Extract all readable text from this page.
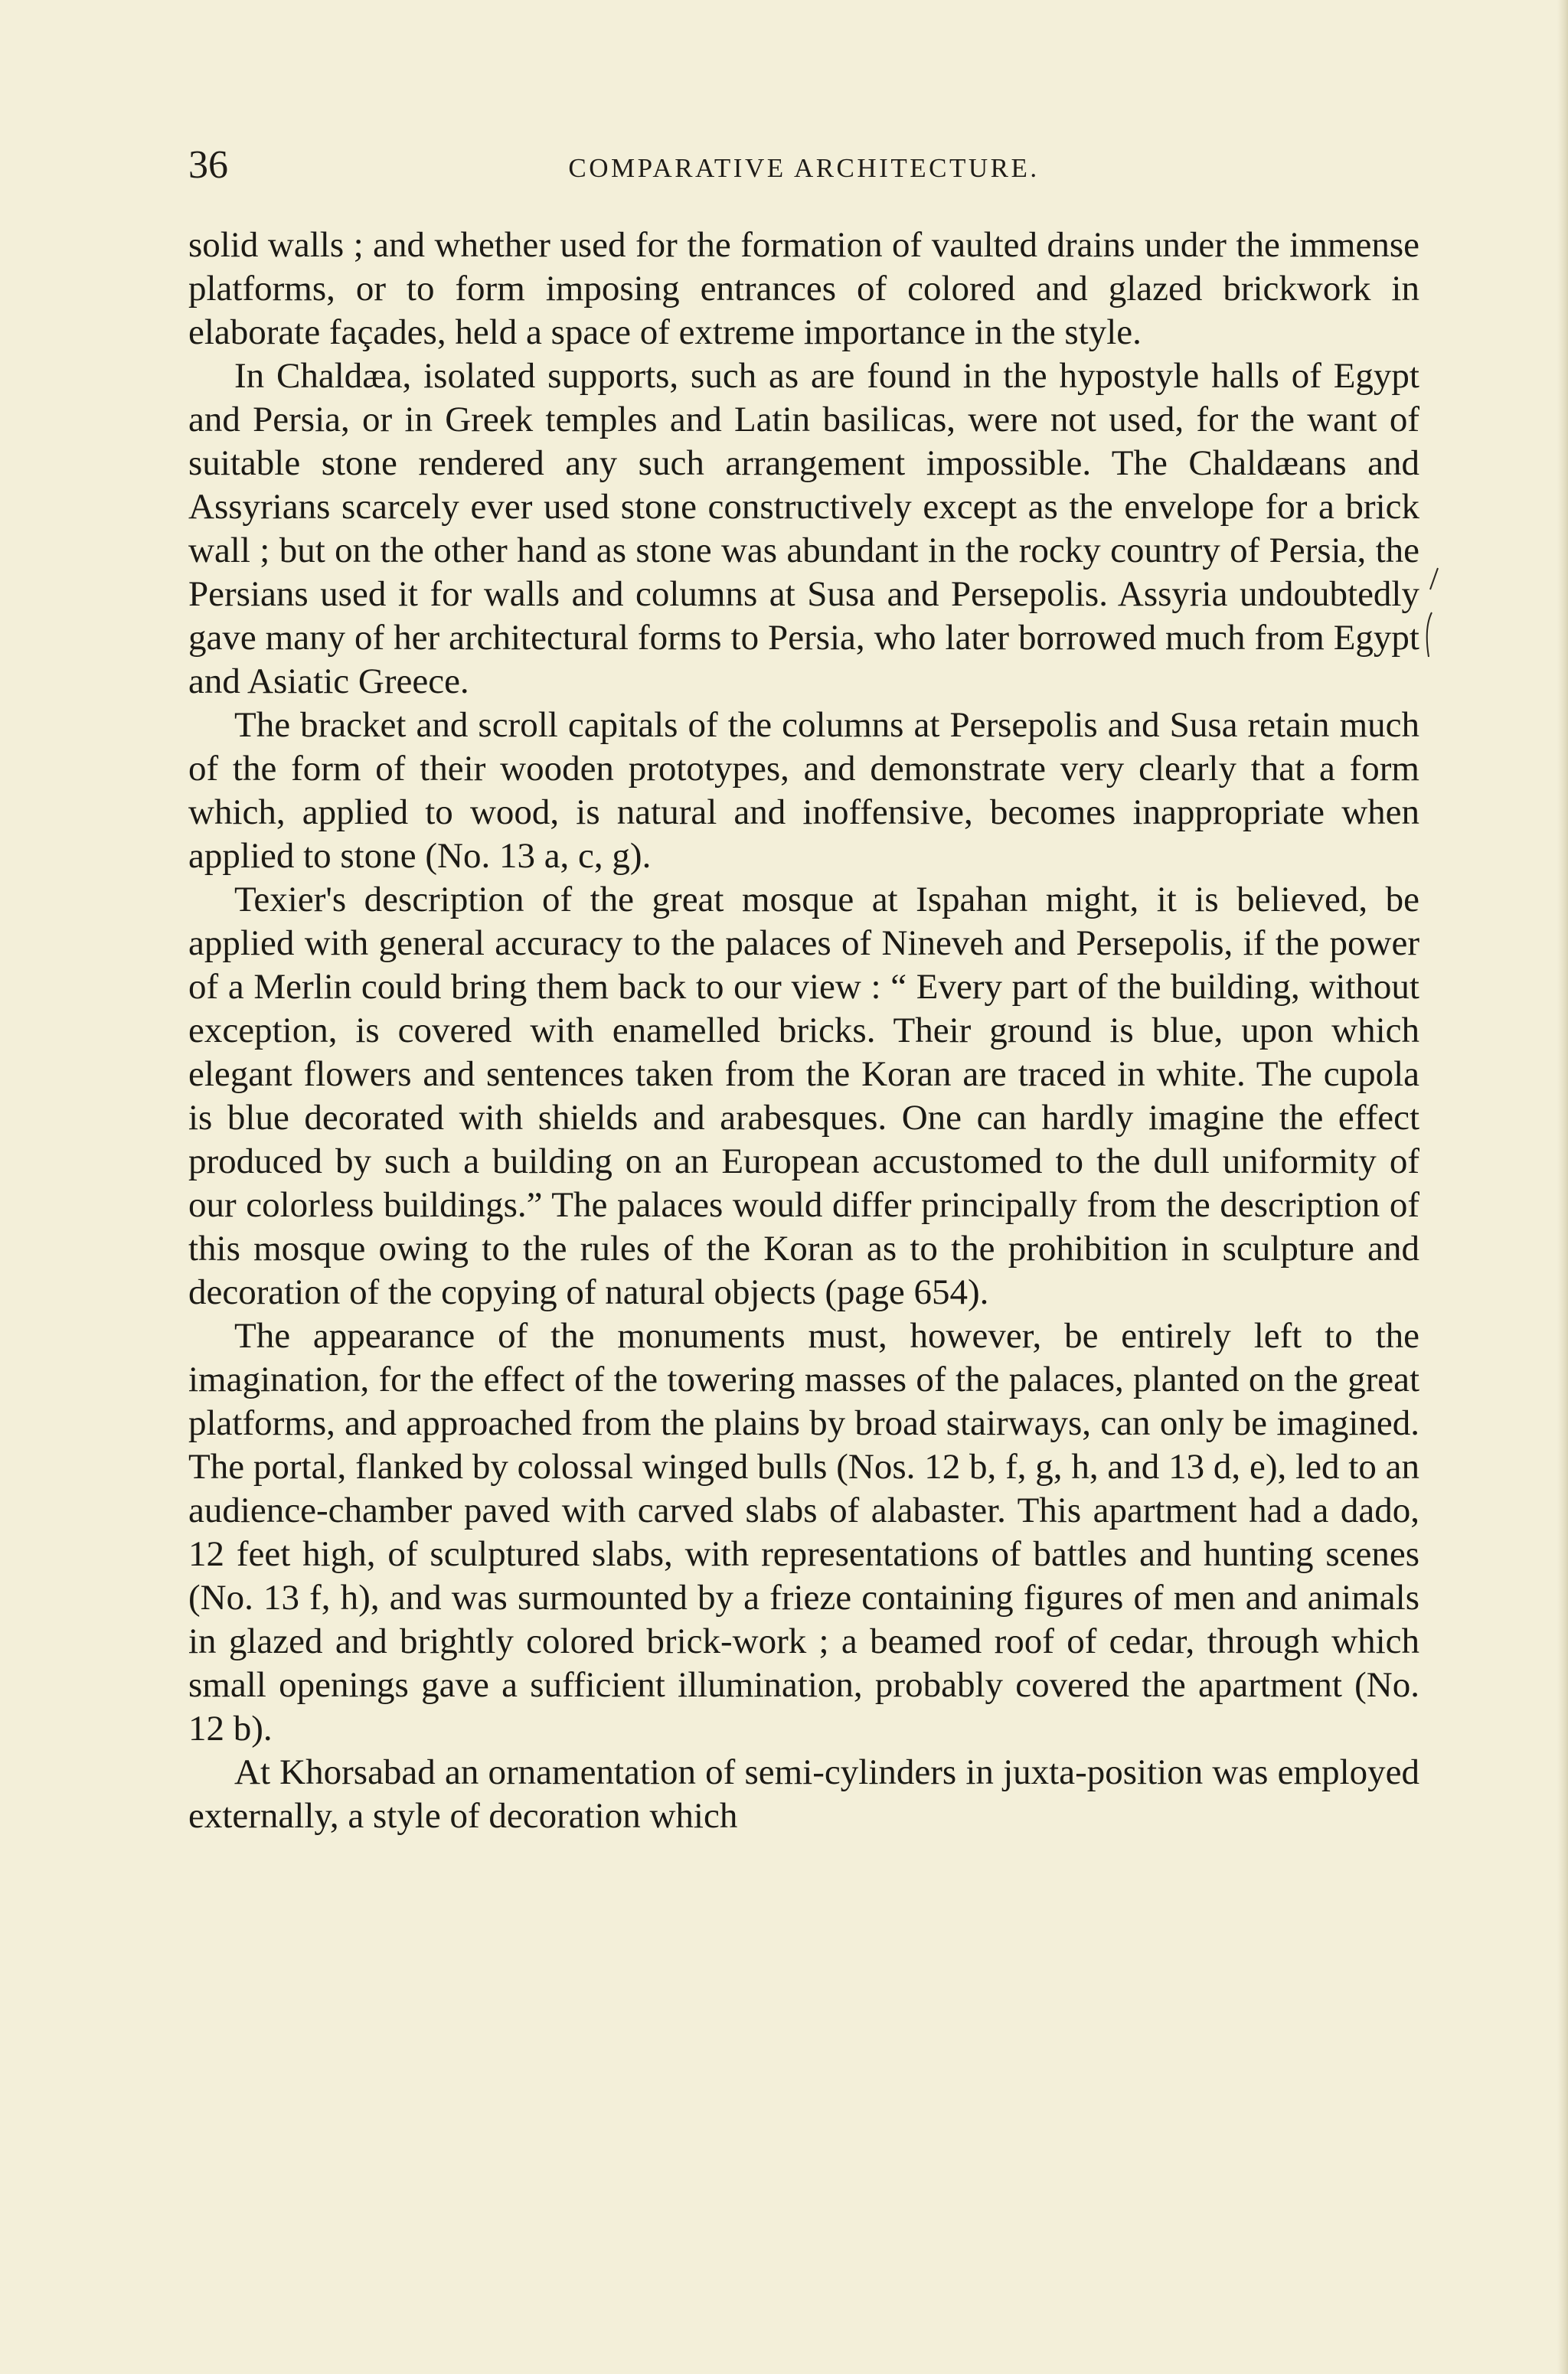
36	COMPARATIVE ARCHITECTURE.

solid walls ; and whether used for the formation of vaulted drains under the immense platforms, or to form imposing entrances of colored and glazed brickwork in elaborate façades, held a space of extreme importance in the style.

In Chaldæa, isolated supports, such as are found in the hypostyle halls of Egypt and Persia, or in Greek temples and Latin basilicas, were not used, for the want of suitable stone rendered any such arrangement impossible. The Chaldæans and Assyrians scarcely ever used stone constructively except as the envelope for a brick wall ; but on the other hand as stone was abundant in the rocky country of Persia, the Persians used it for walls and columns at Susa and Persepolis. Assyria undoubtedly gave many of her architectural forms to Persia, who later borrowed much from Egypt and Asiatic Greece.

The bracket and scroll capitals of the columns at Persepolis and Susa retain much of the form of their wooden prototypes, and demonstrate very clearly that a form which, applied to wood, is natural and inoffensive, becomes inappropriate when applied to stone (No. 13 a, c, g).

Texier's description of the great mosque at Ispahan might, it is believed, be applied with general accuracy to the palaces of Nineveh and Persepolis, if the power of a Merlin could bring them back to our view : “ Every part of the building, without exception, is covered with enamelled bricks. Their ground is blue, upon which elegant flowers and sentences taken from the Koran are traced in white. The cupola is blue decorated with shields and arabesques. One can hardly imagine the effect produced by such a building on an European accustomed to the dull uniformity of our colorless buildings.” The palaces would differ principally from the description of this mosque owing to the rules of the Koran as to the prohibition in sculpture and decoration of the copying of natural objects (page 654).

The appearance of the monuments must, however, be entirely left to the imagination, for the effect of the towering masses of the palaces, planted on the great platforms, and approached from the plains by broad stairways, can only be imagined. The portal, flanked by colossal winged bulls (Nos. 12 b, f, g, h, and 13 d, e), led to an audience-chamber paved with carved slabs of alabaster. This apartment had a dado, 12 feet high, of sculptured slabs, with representations of battles and hunting scenes (No. 13 f, h), and was surmounted by a frieze containing figures of men and animals in glazed and brightly colored brick-work ; a beamed roof of cedar, through which small openings gave a sufficient illumination, probably covered the apartment (No. 12 b).

At Khorsabad an ornamentation of semi-cylinders in juxta-position was employed externally, a style of decoration which
